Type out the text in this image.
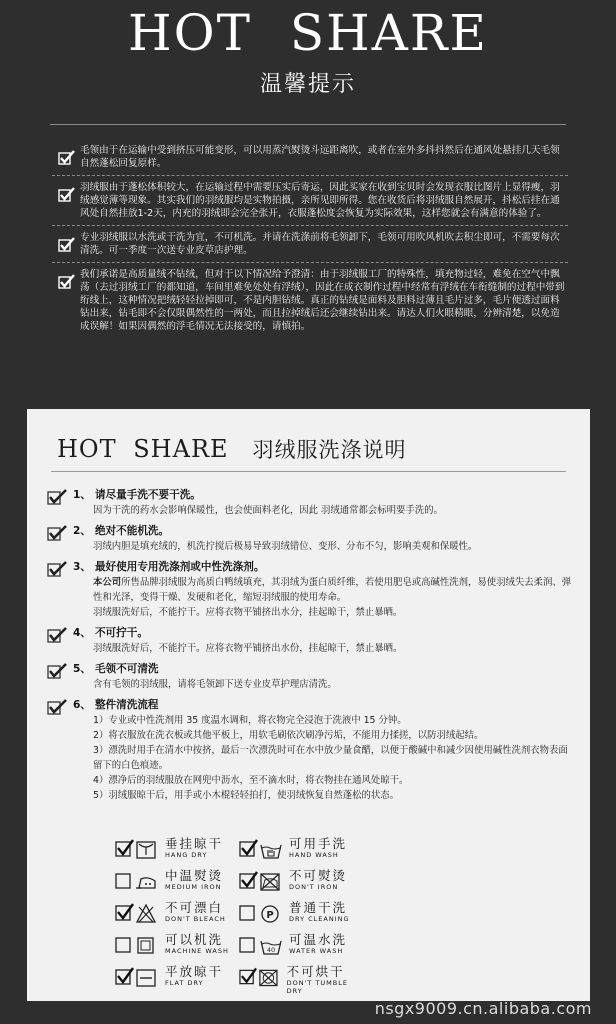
HOT SHARE
温馨提示
毛领由于在运输中受到挤压可能变形，可以用蒸汽熨烫斗远距离吹，或者在室外多抖抖然后在通风处悬挂几天毛领自然蓬松回复原样。
羽绒服由于蓬松体积较大，在运输过程中需要压实后寄运，因此买家在收到宝贝时会发现衣服比图片上显得瘦，羽绒感觉薄等现象。其实我们的羽绒服均是实物拍摄，亲所见即所得。您在收货后将羽绒服自然展开，抖松后挂在通风处自然挂放1-2天，内充的羽绒即会完全张开，衣服蓬松度会恢复为实际效果，这样您就会有满意的体验了。
专业羽绒服以水洗或干洗为宜，不可机洗。并请在洗涤前将毛领卸下，毛领可用吹风机吹去积尘即可，不需要每次清洗。可一季度一次送专业皮草店护理。
我们承诺是高质量绒不钻绒，但对于以下情况给予澄清：由于羽绒服工厂的特殊性，填充物过轻，难免在空气中飘荡（去过羽绒工厂的都知道，车间里难免处处有浮绒），因此在成衣制作过程中经常有浮绒在车衔缝制的过程中带到绗线上，这种情况把绒轻轻拉掉即可，不是内胆钻绒。真正的钻绒是面料及胆料过薄且毛片过多，毛片便透过面料钻出来，钻毛即不会仅限偶然性的一两处，而且拉掉绒后还会继续钻出来。请达人们火眼精眼，分辨清楚，以免造成误解！如果因偶然的浮毛情况无法接受的，请慎拍。
HOT SHARE 羽绒服洗涤说明
1、 请尽量手洗不要干洗。
因为干洗的药水会影响保暖性，也会使面料老化，因此 羽绒通常都会标明要手洗的。
2、 绝对不能机洗。
羽绒内胆是填充绒的，机洗拧搅后极易导致羽绒错位、变形、分布不匀，影响美观和保暖性。
3、 最好使用专用洗涤剂或中性洗涤剂。
本公司所售品牌羽绒服为高质白鸭绒填充，其羽绒为蛋白质纤维，若使用肥皂或高碱性洗剂，易使羽绒失去柔润、弹性和光泽，变得干燥、发硬和老化，缩短羽绒服的使用寿命。
羽绒服洗好后，不能拧干。应将衣物平铺挤出水分，挂起晾干，禁止暴晒。
4、 不可拧干。
羽绒服洗好后，不能拧干。应将衣物平铺挤出水份，挂起晾干，禁止暴晒。
5、 毛领不可清洗
含有毛领的羽绒服，请将毛领卸下送专业皮草护理店清洗。
6、 整件清洗流程
1）专业或中性洗剂用 35 度温水调和，将衣物完全浸泡于洗液中 15 分钟。
2）将衣服放在洗衣板或其他平板上，用软毛刷依次刷净污垢，不能用力揉搓，以防羽绒起结。
3）漂洗时用手在清水中按挤，最后一次漂洗时可在水中放少量食醋，以便于酸碱中和减少因使用碱性洗剂衣物表面留下的白色痕迹。
4）漂净后的羽绒服放在网兜中沥水，至不滴水时，将衣物挂在通风处晾干。
5）羽绒服晾干后，用手或小木棍轻轻拍打，使羽绒恢复自然蓬松的状态。
垂挂晾干
HANG DRY
可用手洗
HAND WASH
中温熨烫
MEDIUM IRON
不可熨烫
DON'T IRON
不可漂白
DON'T BLEACH	P
普通干洗
DRY CLEANING
可以机洗
MACHINE WASH	40
可温水洗
WATER WASH
平放晾干
FLAT DRY
不可烘干
DON'T TUMBLE DRY
nsgx9009.cn.alibaba.com
